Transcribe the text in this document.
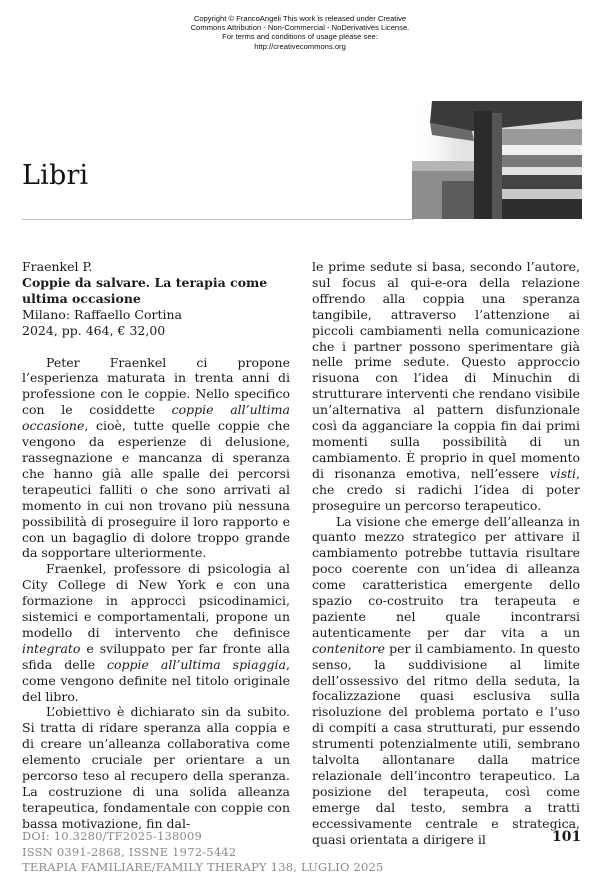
Copyright © FrancoAngeli This work is released under Creative
Commons Attribution - Non-Commercial - NoDerivatives License.
For terms and conditions of usage please see:
http://creativecommons.org
Libri
Fraenkel P.
Coppie da salvare. La terapia come ultima occasione
Milano: Raffaello Cortina
2024, pp. 464, € 32,00

Peter Fraenkel ci propone l’esperienza maturata in trenta anni di professione con le coppie. Nello specifico con le cosiddette coppie all’ultima occasione, cioè, tutte quelle coppie che vengono da esperienze di delusione, rassegnazione e mancanza di speranza che hanno già alle spalle dei percorsi terapeutici falliti o che sono arrivati al momento in cui non trovano più nessuna possibilità di proseguire il loro rapporto e con un bagaglio di dolore troppo grande da sopportare ulteriormente.

Fraenkel, professore di psicologia al City College di New York e con una formazione in approcci psicodinamici, sistemici e comportamentali, propone un modello di intervento che definisce integrato e sviluppato per far fronte alla sfida delle coppie all’ultima spiaggia, come vengono definite nel titolo originale del libro.

L’obiettivo è dichiarato sin da subito. Si tratta di ridare speranza alla coppia e di creare un’alleanza collaborativa come elemento cruciale per orientare a un percorso teso al recupero della speranza. La costruzione di una solida alleanza terapeutica, fondamentale con coppie con bassa motivazione, fin dal-

le prime sedute si basa, secondo l’autore, sul focus al qui-e-ora della relazione offrendo alla coppia una speranza tangibile, attraverso l’attenzione ai piccoli cambiamenti nella comunicazione che i partner possono sperimentare già nelle prime sedute. Questo approccio risuona con l’idea di Minuchin di strutturare interventi che rendano visibile un’alternativa al pattern disfunzionale così da agganciare la coppia fin dai primi momenti sulla possibilità di un cambiamento. È proprio in quel momento di risonanza emotiva, nell’essere visti, che credo si radichi l’idea di poter proseguire un percorso terapeutico.

La visione che emerge dell’alleanza in quanto mezzo strategico per attivare il cambiamento potrebbe tuttavia risultare poco coerente con un’idea di alleanza come caratteristica emergente dello spazio co-costruito tra terapeuta e paziente nel quale incontrarsi autenticamente per dar vita a un contenitore per il cambiamento. In questo senso, la suddivisione al limite dell’ossessivo del ritmo della seduta, la focalizzazione quasi esclusiva sulla risoluzione del problema portato e l’uso di compiti a casa strutturati, pur essendo strumenti potenzialmente utili, sembrano talvolta allontanare dalla matrice relazionale dell’incontro terapeutico. La posizione del terapeuta, così come emerge dal testo, sembra a tratti eccessivamente centrale e strategica, quasi orientata a dirigere il

DOI: 10.3280/TF2025-138009
ISSN 0391-2868, ISSNE 1972-5442
TERAPIA FAMILIARE/FAMILY THERAPY 138, LUGLIO 2025
101
